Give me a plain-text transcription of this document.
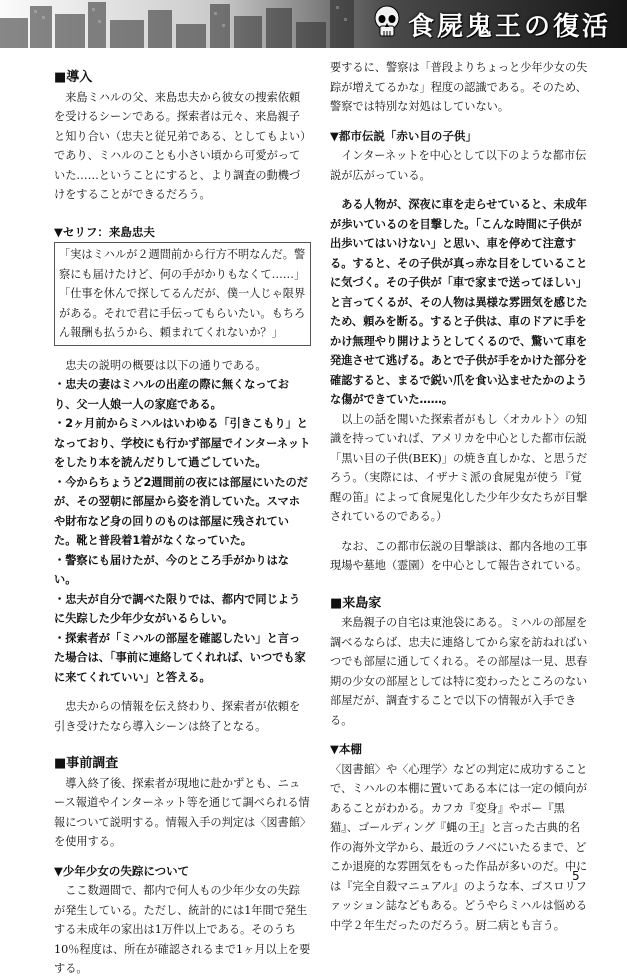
食屍鬼王の復活

■導入

来島ミハルの父、来島忠夫から彼女の捜索依頼を受けるシーンである。探索者は元々、来島親子と知り合い（忠夫と従兄弟である、としてもよい）であり、ミハルのことも小さい頃から可愛がっていた……ということにすると、より調査の動機づけをすることができるだろう。

▼セリフ：来島忠夫

「実はミハルが２週間前から行方不明なんだ。警察にも届けたけど、何の手がかりもなくて……」

「仕事を休んで探してるんだが、僕一人じゃ限界がある。それで君に手伝ってもらいたい。もちろん報酬も払うから、頼まれてくれないか？」

忠夫の説明の概要は以下の通りである。

・忠夫の妻はミハルの出産の際に無くなっており、父一人娘一人の家庭である。

・2ヶ月前からミハルはいわゆる「引きこもり」となっており、学校にも行かず部屋でインターネットをしたり本を読んだりして過ごしていた。

・今からちょうど2週間前の夜には部屋にいたのだが、その翌朝に部屋から姿を消していた。スマホや財布など身の回りのものは部屋に残されていた。靴と普段着1着がなくなっていた。

・警察にも届けたが、今のところ手がかりはない。

・忠夫が自分で調べた限りでは、都内で同じように失踪した少年少女がいるらしい。

・探索者が「ミハルの部屋を確認したい」と言った場合は、「事前に連絡してくれれば、いつでも家に来てくれていい」と答える。

忠夫からの情報を伝え終わり、探索者が依頼を引き受けたなら導入シーンは終了となる。

■事前調査

導入終了後、探索者が現地に赴かずとも、ニュース報道やインターネット等を通じて調べられる情報について説明する。情報入手の判定は〈図書館〉を使用する。

▼少年少女の失踪について

ここ数週間で、都内で何人もの少年少女の失踪が発生している。ただし、統計的には1年間で発生する未成年の家出は1万件以上である。そのうち10％程度は、所在が確認されるまで1ヶ月以上を要する。

要するに、警察は「普段よりちょっと少年少女の失踪が増えてるかな」程度の認識である。そのため、警察では特別な対処はしていない。

▼都市伝説「赤い目の子供」

インターネットを中心として以下のような都市伝説が広がっている。

ある人物が、深夜に車を走らせていると、未成年が歩いているのを目撃した。「こんな時間に子供が出歩いてはいけない」と思い、車を停めて注意する。すると、その子供が真っ赤な目をしていることに気づく。その子供が「車で家まで送ってほしい」と言ってくるが、その人物は異様な雰囲気を感じたため、頼みを断る。すると子供は、車のドアに手をかけ無理やり開けようとしてくるので、驚いて車を発進させて逃げる。あとで子供が手をかけた部分を確認すると、まるで鋭い爪を食い込ませたかのような傷ができていた……。

以上の話を聞いた探索者がもし〈オカルト〉の知識を持っていれば、アメリカを中心とした都市伝説「黒い目の子供(BEK)」の焼き直しかな、と思うだろう。（実際には、イザナミ派の食屍鬼が使う『覚醒の笛』によって食屍鬼化した少年少女たちが目撃されているのである。）

なお、この都市伝説の目撃談は、都内各地の工事現場や墓地（霊園）を中心として報告されている。

■来島家

来島親子の自宅は東池袋にある。ミハルの部屋を調べるならば、忠夫に連絡してから家を訪ねればいつでも部屋に通してくれる。その部屋は一見、思春期の少女の部屋としては特に変わったところのない部屋だが、調査することで以下の情報が入手できる。

▼本棚

〈図書館〉や〈心理学〉などの判定に成功することで、ミハルの本棚に置いてある本には一定の傾向があることがわかる。カフカ『変身』やポー『黒猫』、ゴールディング『蝿の王』と言った古典的名作の海外文学から、最近のラノベにいたるまで、どこか退廃的な雰囲気をもった作品が多いのだ。中には『完全自殺マニュアル』のような本、ゴスロリファッション誌などもある。どうやらミハルは悩める中学２年生だったのだろう。厨二病とも言う。

5
